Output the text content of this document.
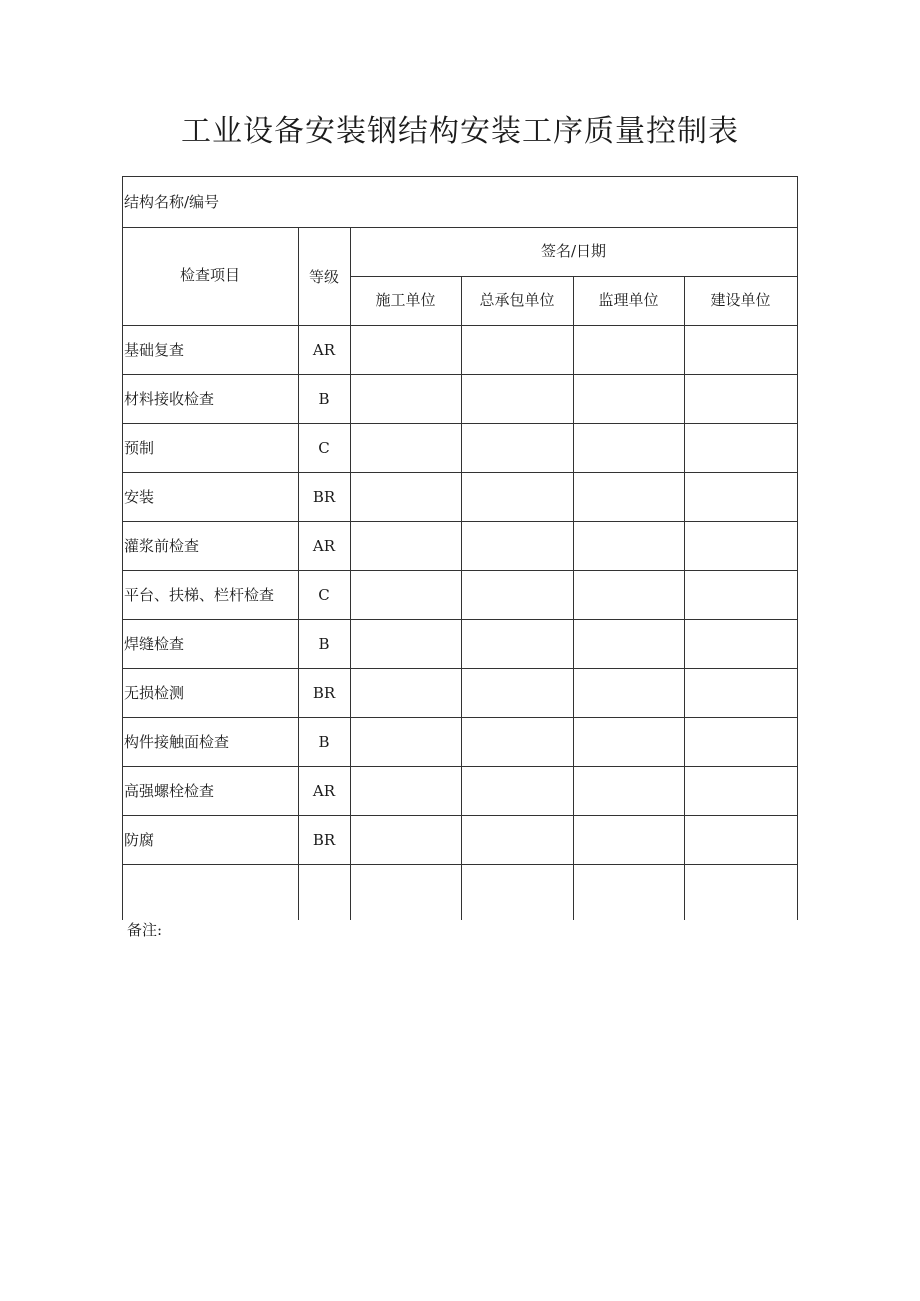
工业设备安装钢结构安装工序质量控制表
结构名称/编号
检查项目	等级
签名/日期
施工单位	总承包单位	监理单位	建设单位
基础复查	AR
材料接收检查	B
预制	C
安装	BR
灌浆前检查	AR
平台、扶梯、栏杆检查	C
焊缝检查	B
无损检测	BR
构件接触面检查	B
高强螺栓检查	AR
防腐	BR
备注:
